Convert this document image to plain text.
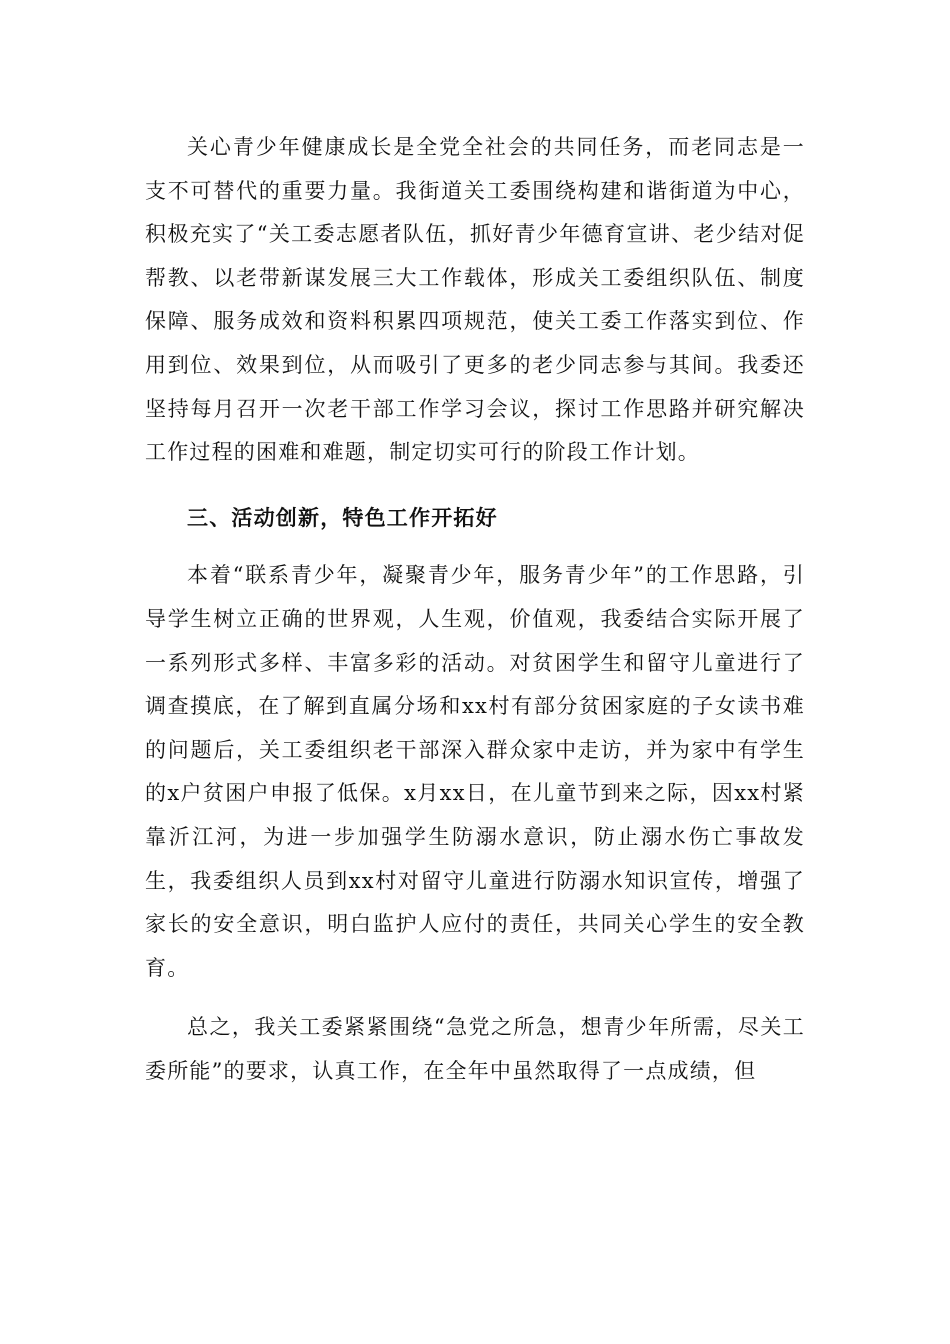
关心青少年健康成长是全党全社会的共同任务，而老同志是一支不可替代的重要力量。我街道关工委围绕构建和谐街道为中心，积极充实了“关工委志愿者队伍，抓好青少年德育宣讲、老少结对促帮教、以老带新谋发展三大工作载体，形成关工委组织队伍、制度保障、服务成效和资料积累四项规范，使关工委工作落实到位、作用到位、效果到位，从而吸引了更多的老少同志参与其间。我委还坚持每月召开一次老干部工作学习会议，探讨工作思路并研究解决工作过程的困难和难题，制定切实可行的阶段工作计划。

三、活动创新，特色工作开拓好

本着“联系青少年，凝聚青少年，服务青少年”的工作思路，引导学生树立正确的世界观，人生观，价值观，我委结合实际开展了一系列形式多样、丰富多彩的活动。对贫困学生和留守儿童进行了调查摸底，在了解到直属分场和xx村有部分贫困家庭的子女读书难的问题后，关工委组织老干部深入群众家中走访，并为家中有学生的x户贫困户申报了低保。x月xx日，在儿童节到来之际，因xx村紧靠沂江河，为进一步加强学生防溺水意识，防止溺水伤亡事故发生，我委组织人员到xx村对留守儿童进行防溺水知识宣传，增强了家长的安全意识，明白监护人应付的责任，共同关心学生的安全教育。

总之，我关工委紧紧围绕“急党之所急，想青少年所需，尽关工委所能”的要求，认真工作，在全年中虽然取得了一点成绩，但
